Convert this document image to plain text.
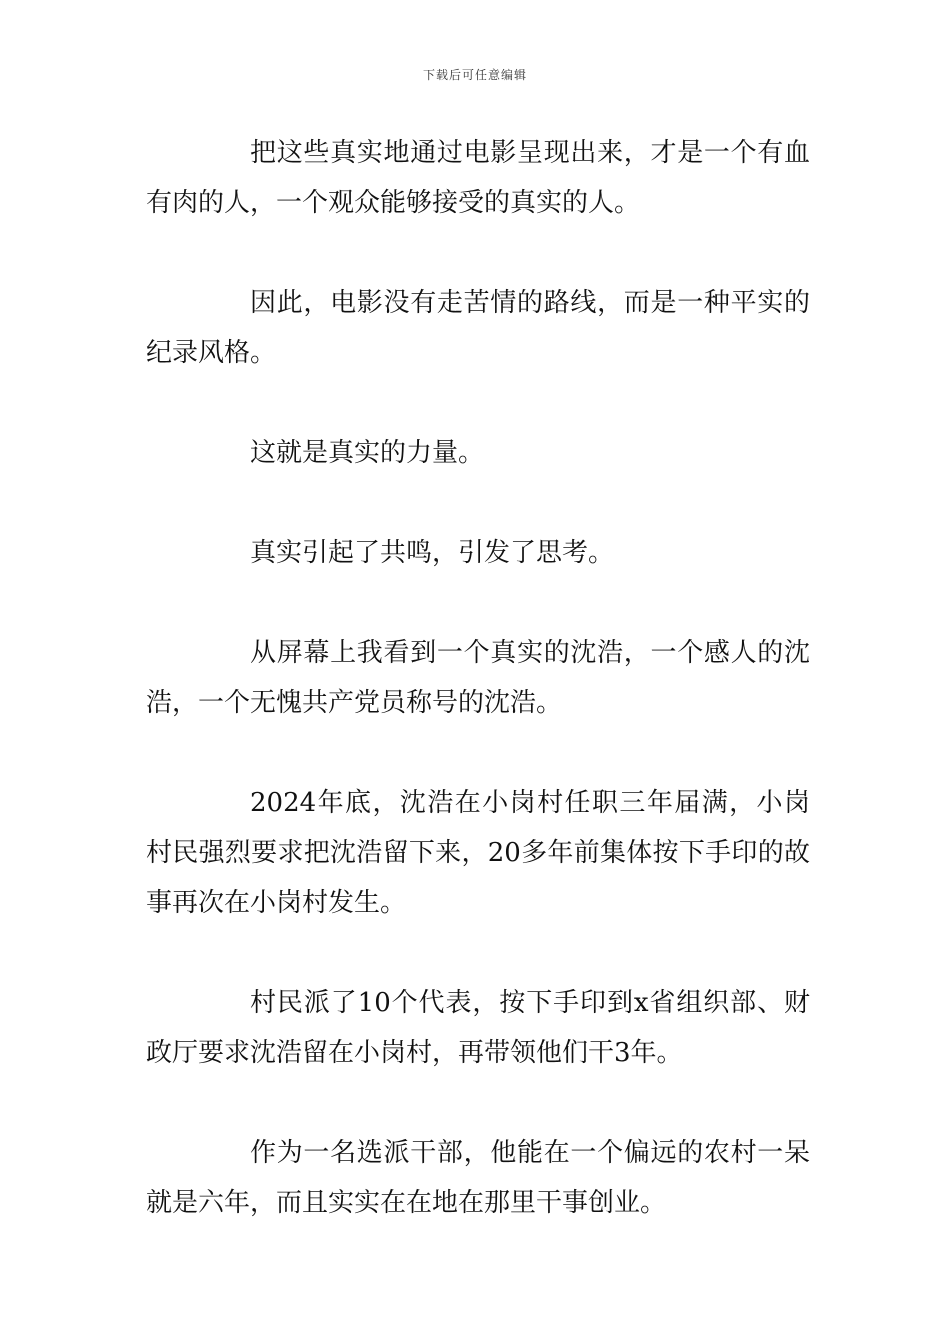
下载后可任意编辑

把这些真实地通过电影呈现出来，才是一个有血有肉的人，一个观众能够接受的真实的人。

因此，电影没有走苦情的路线，而是一种平实的纪录风格。

这就是真实的力量。

真实引起了共鸣，引发了思考。

从屏幕上我看到一个真实的沈浩，一个感人的沈浩，一个无愧共产党员称号的沈浩。

2024年底，沈浩在小岗村任职三年届满，小岗村民强烈要求把沈浩留下来，20多年前集体按下手印的故事再次在小岗村发生。

村民派了10个代表，按下手印到x省组织部、财政厅要求沈浩留在小岗村，再带领他们干3年。

作为一名选派干部，他能在一个偏远的农村一呆就是六年，而且实实在在地在那里干事创业。
